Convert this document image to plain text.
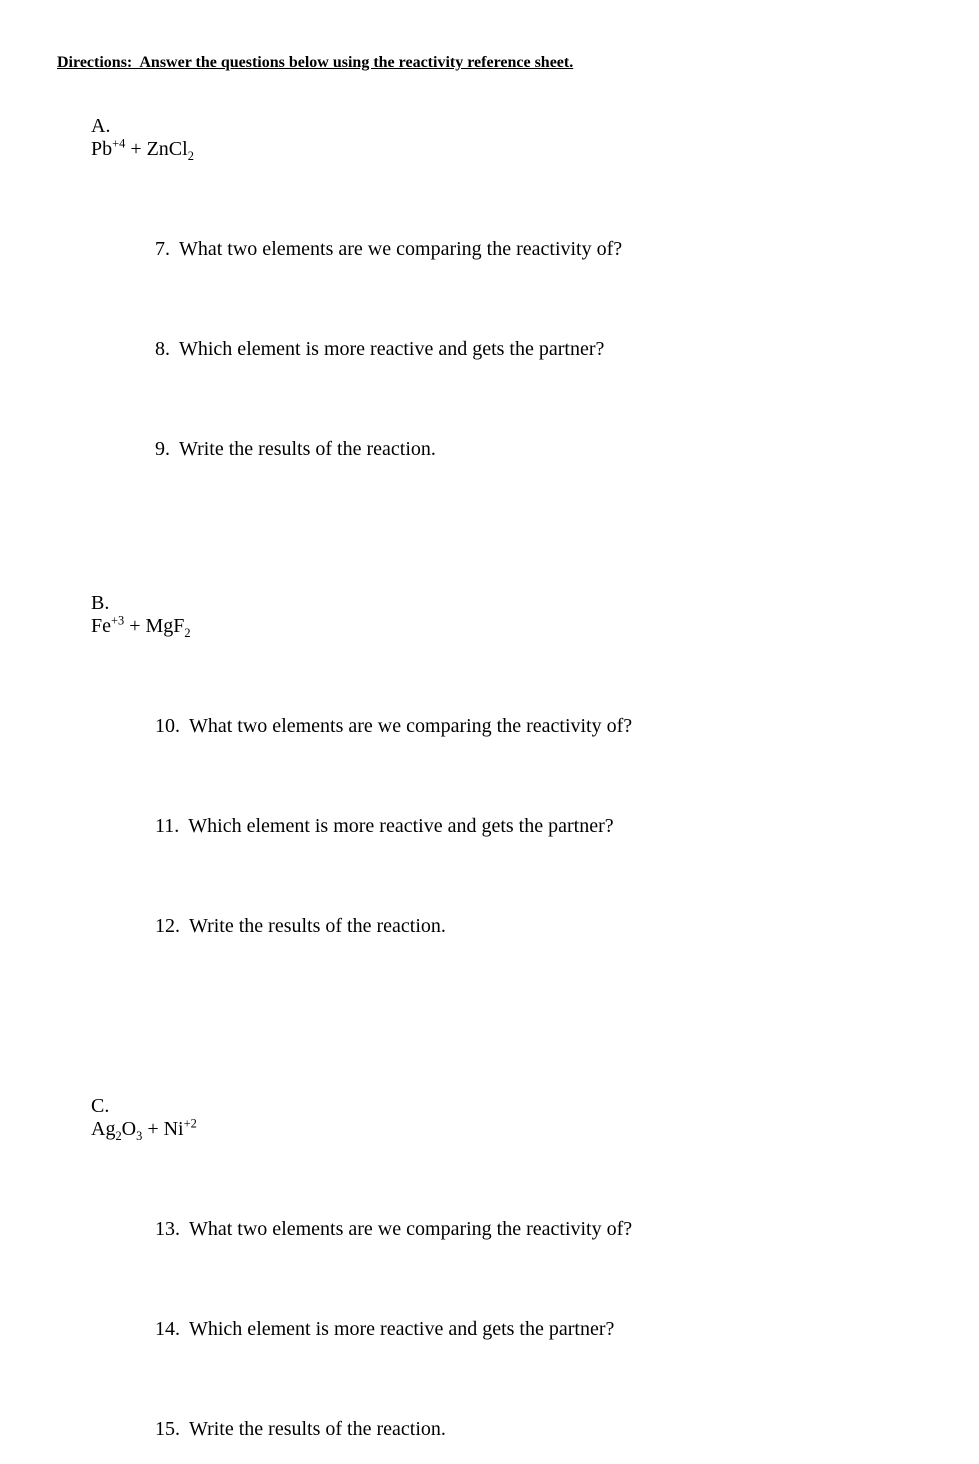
Directions:  Answer the questions below using the reactivity reference sheet.

A.
$Pb^{+4}$ + ZnCl$_2$

7. What two elements are we comparing the reactivity of?

8. Which element is more reactive and gets the partner?

9. Write the results of the reaction.

B.
$Fe^{+3} + MgF_2$

10. What two elements are we comparing the reactivity of?

11. Which element is more reactive and gets the partner?

12. Write the results of the reaction.

C.
$Ag_2O_3 + Ni^{+2}$

13. What two elements are we comparing the reactivity of?

14. Which element is more reactive and gets the partner?

15. Write the results of the reaction.
